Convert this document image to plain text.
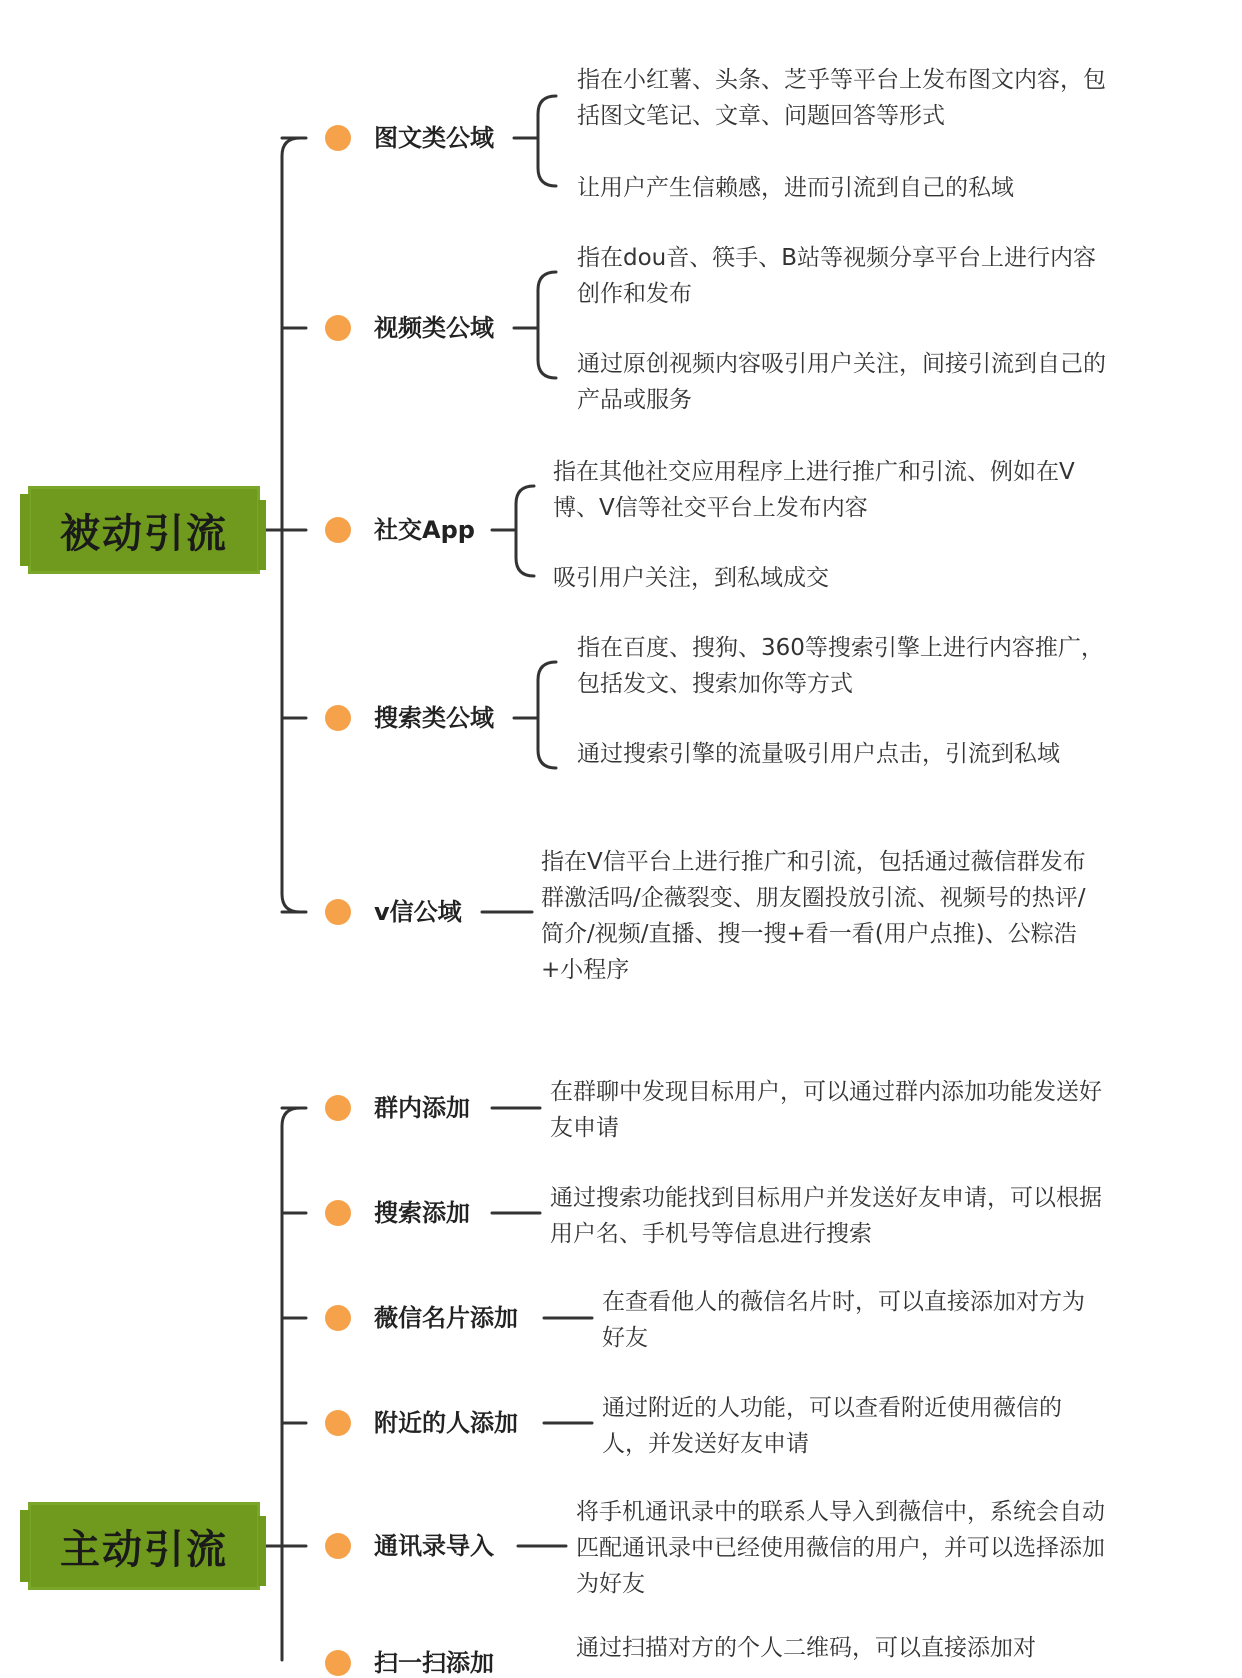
被动引流
图文类公域
指在小红薯、头条、芝乎等平台上发布图文内容，包括图文笔记、文章、问题回答等形式
让用户产生信赖感，进而引流到自己的私域
视频类公域
指在dou音、筷手、B站等视频分享平台上进行内容创作和发布
通过原创视频内容吸引用户关注，间接引流到自己的产品或服务
社交App
指在其他社交应用程序上进行推广和引流、例如在V博、V信等社交平台上发布内容
吸引用户关注，到私域成交
搜索类公域
指在百度、搜狗、360等搜索引擎上进行内容推广，包括发文、搜索加你等方式
通过搜索引擎的流量吸引用户点击，引流到私域
v信公域
指在V信平台上进行推广和引流，包括通过薇信群发布群激活吗/企薇裂变、朋友圈投放引流、视频号的热评/简介/视频/直播、搜一搜+看一看(用户点推)、公粽浩+小程序
主动引流
群内添加
在群聊中发现目标用户，可以通过群内添加功能发送好友申请
搜索添加
通过搜索功能找到目标用户并发送好友申请，可以根据用户名、手机号等信息进行搜索
薇信名片添加
在查看他人的薇信名片时，可以直接添加对方为好友
附近的人添加
通过附近的人功能，可以查看附近使用薇信的人，并发送好友申请
通讯录导入
将手机通讯录中的联系人导入到薇信中，系统会自动匹配通讯录中已经使用薇信的用户，并可以选择添加为好友
扫一扫添加
通过扫描对方的个人二维码，可以直接添加对
